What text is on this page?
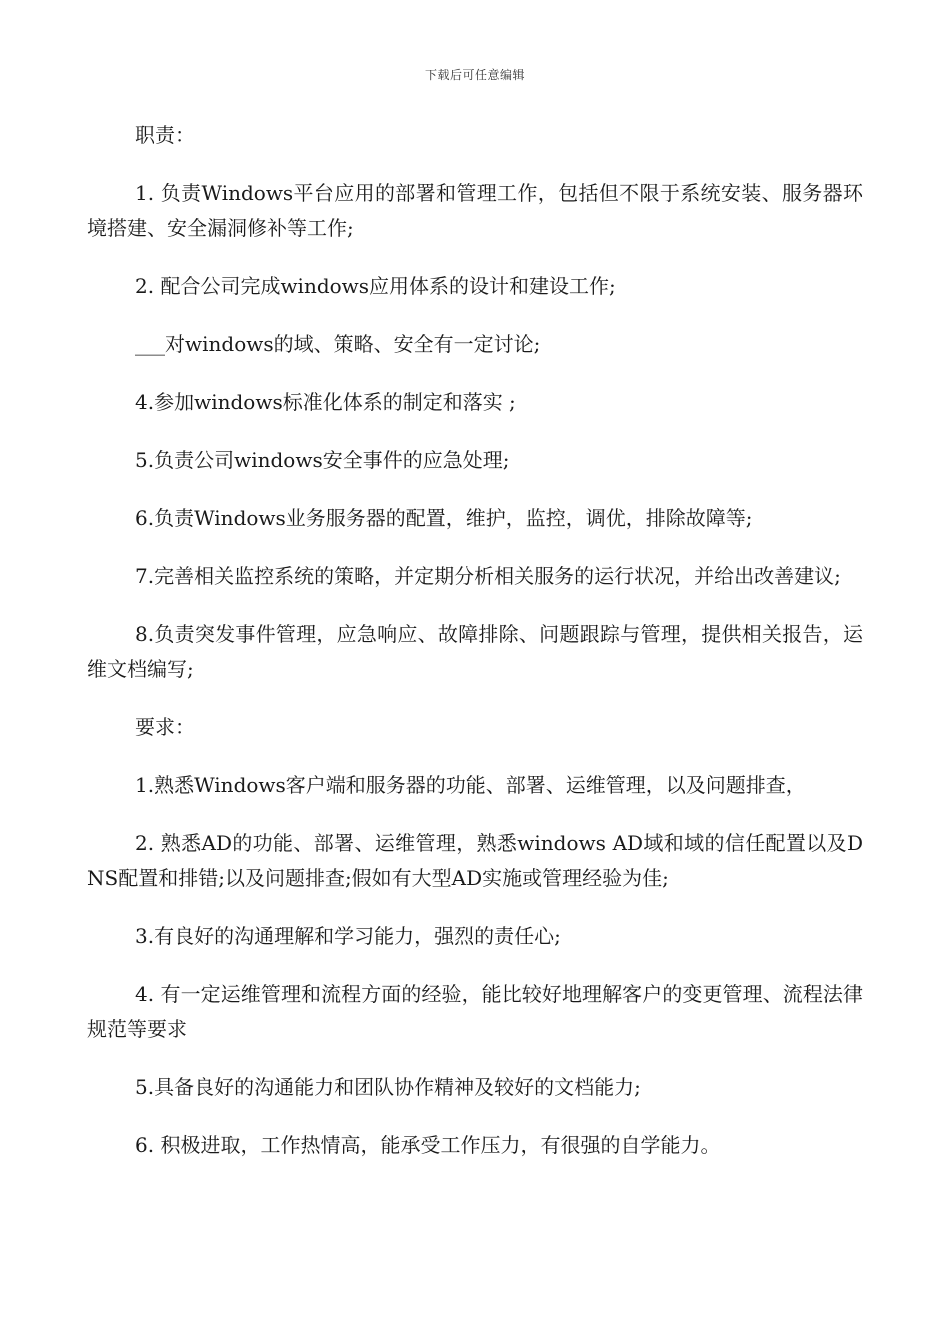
下载后可任意编辑

职责：

1. 负责Windows平台应用的部署和管理工作，包括但不限于系统安装、服务器环境搭建、安全漏洞修补等工作;

2. 配合公司完成windows应用体系的设计和建设工作;

___对windows的域、策略、安全有一定讨论;

4.参加windows标准化体系的制定和落实 ;

5.负责公司windows安全事件的应急处理;

6.负责Windows业务服务器的配置，维护，监控，调优，排除故障等;

7.完善相关监控系统的策略，并定期分析相关服务的运行状况，并给出改善建议;

8.负责突发事件管理，应急响应、故障排除、问题跟踪与管理，提供相关报告，运维文档编写;

要求：

1.熟悉Windows客户端和服务器的功能、部署、运维管理，以及问题排查，

2. 熟悉AD的功能、部署、运维管理，熟悉windows AD域和域的信任配置以及DNS配置和排错;以及问题排查;假如有大型AD实施或管理经验为佳;

3.有良好的沟通理解和学习能力，强烈的责任心;

4. 有一定运维管理和流程方面的经验，能比较好地理解客户的变更管理、流程法律规范等要求

5.具备良好的沟通能力和团队协作精神及较好的文档能力;

6. 积极进取，工作热情高，能承受工作压力，有很强的自学能力。
